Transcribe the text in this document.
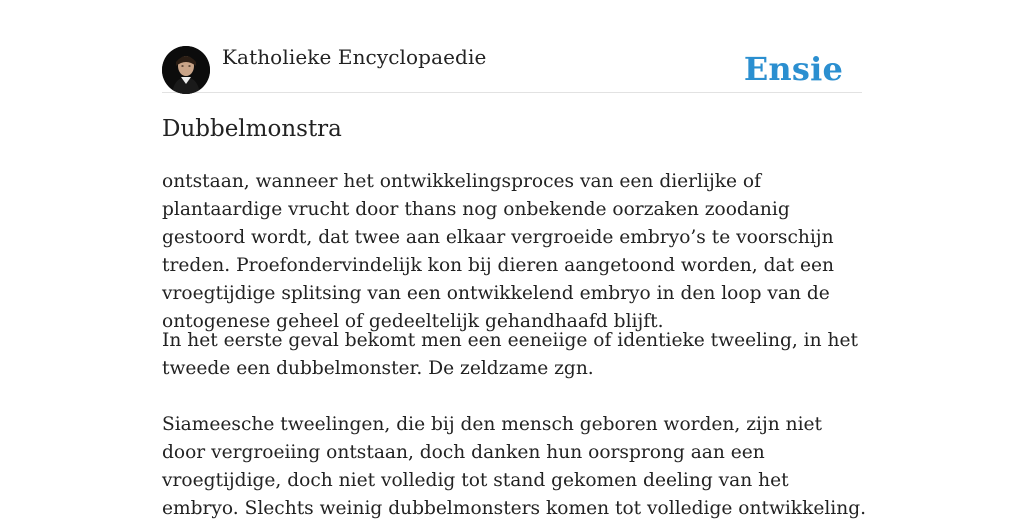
Katholieke Encyclopaedie	Ensie
Dubbelmonstra

ontstaan, wanneer het ontwikkelingsproces van een dierlijke of plantaardige vrucht door thans nog onbekende oorzaken zoodanig gestoord wordt, dat twee aan elkaar vergroeide embryo’s te voorschijn treden. Proefondervindelijk kon bij dieren aangetoond worden, dat een vroegtijdige splitsing van een ontwikkelend embryo in den loop van de ontogenese geheel of gedeeltelijk gehandhaafd blijft.

In het eerste geval bekomt men een eeneiige of identieke tweeling, in het tweede een dubbelmonster. De zeldzame zgn.

Siameesche tweelingen, die bij den mensch geboren worden, zijn niet door vergroeiing ontstaan, doch danken hun oorsprong aan een vroegtijdige, doch niet volledig tot stand gekomen deeling van het embryo. Slechts weinig dubbelmonsters komen tot volledige ontwikkeling.
